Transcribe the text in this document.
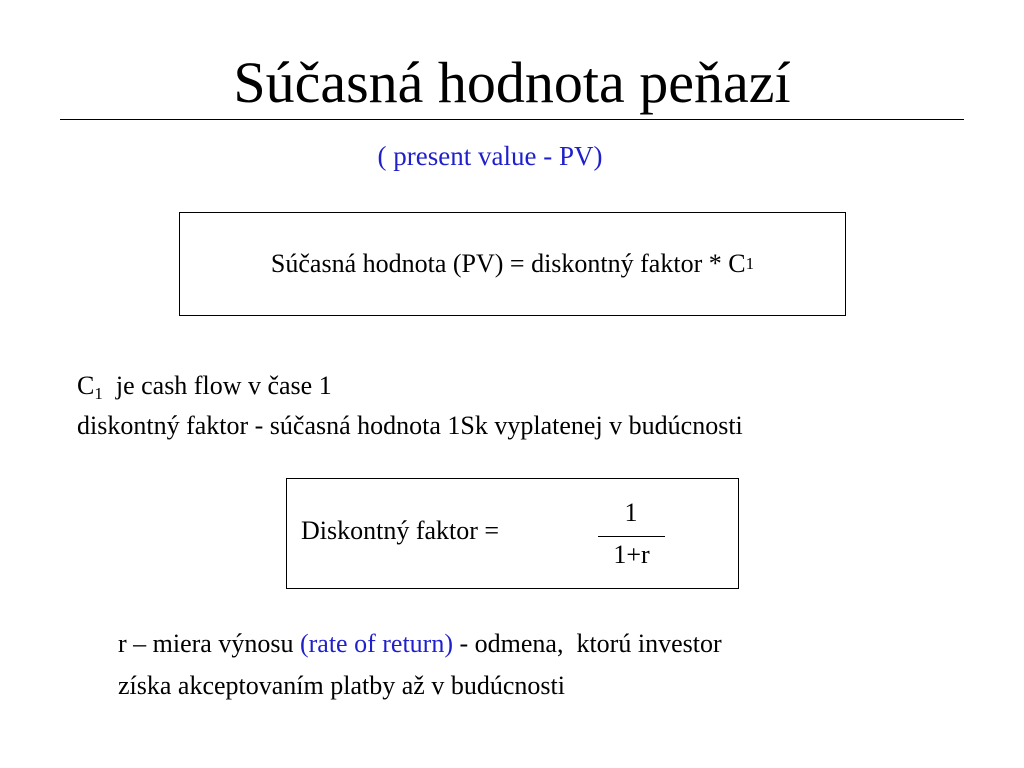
Súčasná hodnota peňazí
( present value - PV)
Súčasná hodnota (PV) = diskontný faktor * C 1
$C_1$  je cash flow v čase 1
diskontný faktor - súčasná hodnota 1Sk vyplatenej v budúcnosti
Diskontný faktor =
1
1+r
r – miera výnosu (rate of return) - odmena,  ktorú investor
získa akceptovaním platby až v budúcnosti
